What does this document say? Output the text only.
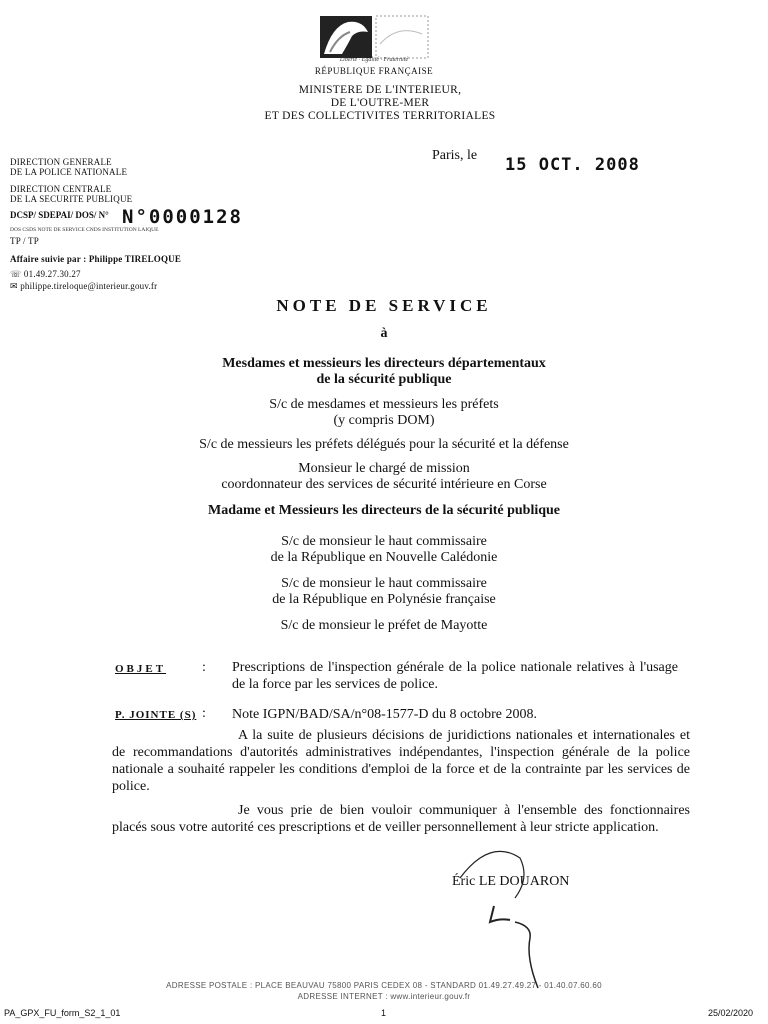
Liberté · Égalité · Fraternité
RÉPUBLIQUE FRANÇAISE
MINISTERE DE L'INTERIEUR,
DE L'OUTRE-MER
ET DES COLLECTIVITES TERRITORIALES
DIRECTION GENERALE
DE LA POLICE NATIONALE
DIRECTION CENTRALE
DE LA SECURITE PUBLIQUE
DCSP/ SDEPAI/ DOS/ N° N°0000128
DOS CSDS NOTE DE SERVICE CNDS INSTITUTION LAIQUE
TP / TP
Affaire suivie par : Philippe TIRELOQUE
☏ 01.49.27.30.27
✉ philippe.tireloque@interieur.gouv.fr
Paris, le 15 OCT. 2008
NOTE DE SERVICE
à
Mesdames et messieurs les directeurs départementaux
de la sécurité publique
S/c de mesdames et messieurs les préfets
(y compris DOM)
S/c de messieurs les préfets délégués pour la sécurité et la défense
Monsieur le chargé de mission
coordonnateur des services de sécurité intérieure en Corse
Madame et Messieurs les directeurs de la sécurité publique
S/c de monsieur le haut commissaire
de la République en Nouvelle Calédonie
S/c de monsieur le haut commissaire
de la République en Polynésie française
S/c de monsieur le préfet de Mayotte
OBJET	: Prescriptions de l'inspection générale de la police nationale relatives à l'usage de la force par les services de police.
P. JOINTE (S) : Note IGPN/BAD/SA/n°08-1577-D du 8 octobre 2008.
A la suite de plusieurs décisions de juridictions nationales et internationales et de recommandations d'autorités administratives indépendantes, l'inspection générale de la police nationale a souhaité rappeler les conditions d'emploi de la force et de la contrainte par les services de police.
Je vous prie de bien vouloir communiquer à l'ensemble des fonctionnaires placés sous votre autorité ces prescriptions et de veiller personnellement à leur stricte application.
Éric LE DOUARON
ADRESSE POSTALE : PLACE BEAUVAU 75800 PARIS CEDEX 08 - STANDARD 01.49.27.49.27 - 01.40.07.60.60
ADRESSE INTERNET : www.interieur.gouv.fr
PA_GPX_FU_form_S2_1_01	1	25/02/2020
